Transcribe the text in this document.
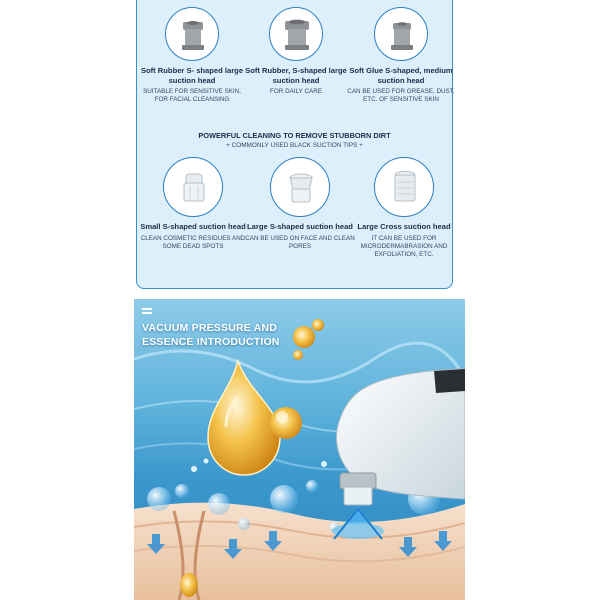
Soft Rubber S- shaped large suction head
SUITABLE FOR SENSITIVE SKIN, FOR FACIAL CLEANSING
Soft Rubber, S-shaped large suction head
FOR DAILY CARE
Soft Glue S-shaped, medium suction head
CAN BE USED FOR GREASE, DUST, ETC. OF SENSITIVE SKIN
POWERFUL CLEANING TO REMOVE STUBBORN DIRT
+ COMMONLY USED BLACK SUCTION TIPS +
Small S-shaped suction head
CLEAN COSMETIC RESIDUES AND SOME DEAD SPOTS
Large S-shaped suction head
CAN BE USED ON FACE AND CLEAN PORES
Large Cross suction head
IT CAN BE USED FOR MICRODERMABRASION AND EXFOLIATION, ETC.
VACUUM PRESSURE AND
ESSENCE INTRODUCTION
